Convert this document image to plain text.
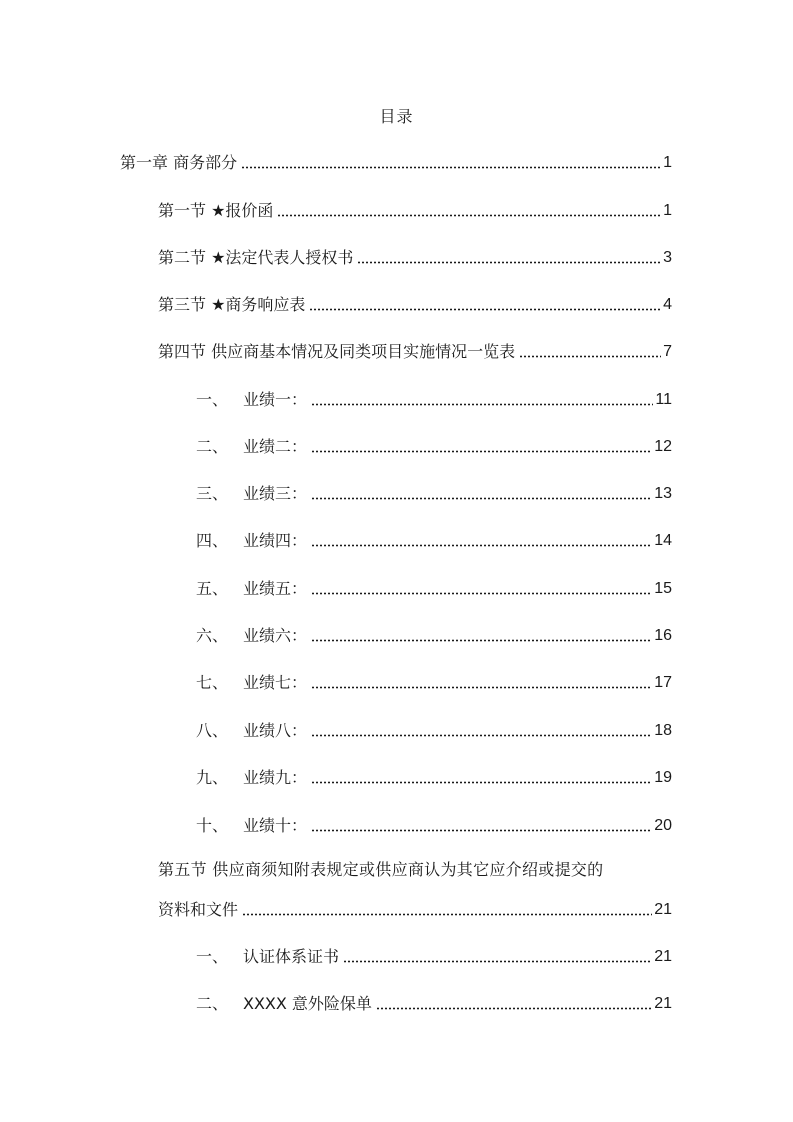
目录
第一章 商务部分	1
第一节 ★报价函	1
第二节 ★法定代表人授权书	3
第三节 ★商务响应表	4
第四节 供应商基本情况及同类项目实施情况一览表	7
一、 业绩一：	11
二、 业绩二：	12
三、 业绩三：	13
四、 业绩四：	14
五、 业绩五：	15
六、 业绩六：	16
七、 业绩七：	17
八、 业绩八：	18
九、 业绩九：	19
十、 业绩十：	20
第五节 供应商须知附表规定或供应商认为其它应介绍或提交的
资料和文件	21
一、 认证体系证书	21
二、 XXXX 意外险保单	21
